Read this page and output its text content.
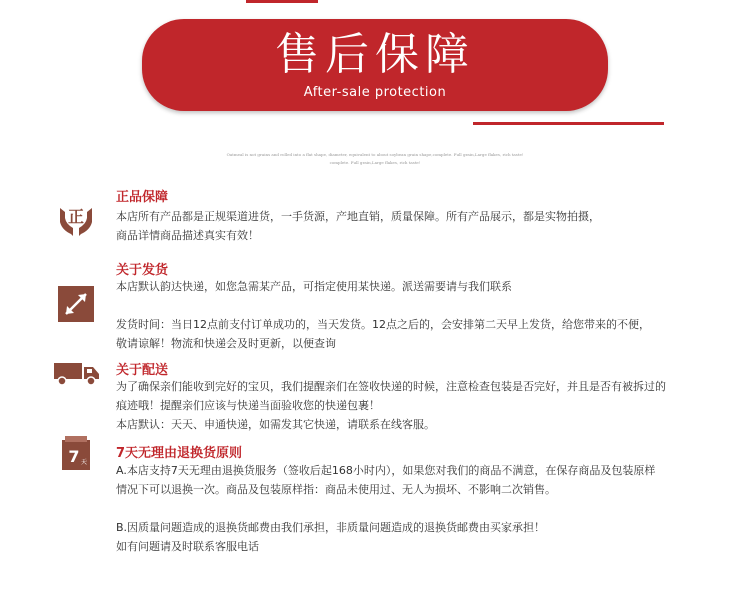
售后保障
After-sale protection
Oatmeal is not grains and rolled into a flat shape, diameter, equivalent to about soybean grain shape,complete. Full grain,Large flakes, rich taste!
complete. Full grain,Large flakes, rich taste!
正
正品保障

本店所有产品都是正规渠道进货，一手货源，产地直销，质量保障。所有产品展示，都是实物拍摄，
商品详情商品描述真实有效！

关于发货

本店默认韵达快递，如您急需某产品，可指定使用某快递。派送需要请与我们联系

发货时间：当日12点前支付订单成功的，当天发货。12点之后的，会安排第二天早上发货，给您带来的不便，
敬请谅解！物流和快递会及时更新，以便查询

关于配送

为了确保亲们能收到完好的宝贝，我们提醒亲们在签收快递的时候，注意检查包装是否完好，并且是否有被拆过的
痕迹哦！提醒亲们应该与快递当面验收您的快递包裹！
本店默认：天天、申通快递，如需发其它快递，请联系在线客服。

7 天
7天无理由退换货原则

A.本店支持7天无理由退换货服务（签收后起168小时内），如果您对我们的商品不满意，在保存商品及包装原样
情况下可以退换一次。商品及包装原样指：商品未使用过、无人为损坏、不影响二次销售。

B.因质量问题造成的退换货邮费由我们承担，非质量问题造成的退换货邮费由买家承担！
如有问题请及时联系客服电话
